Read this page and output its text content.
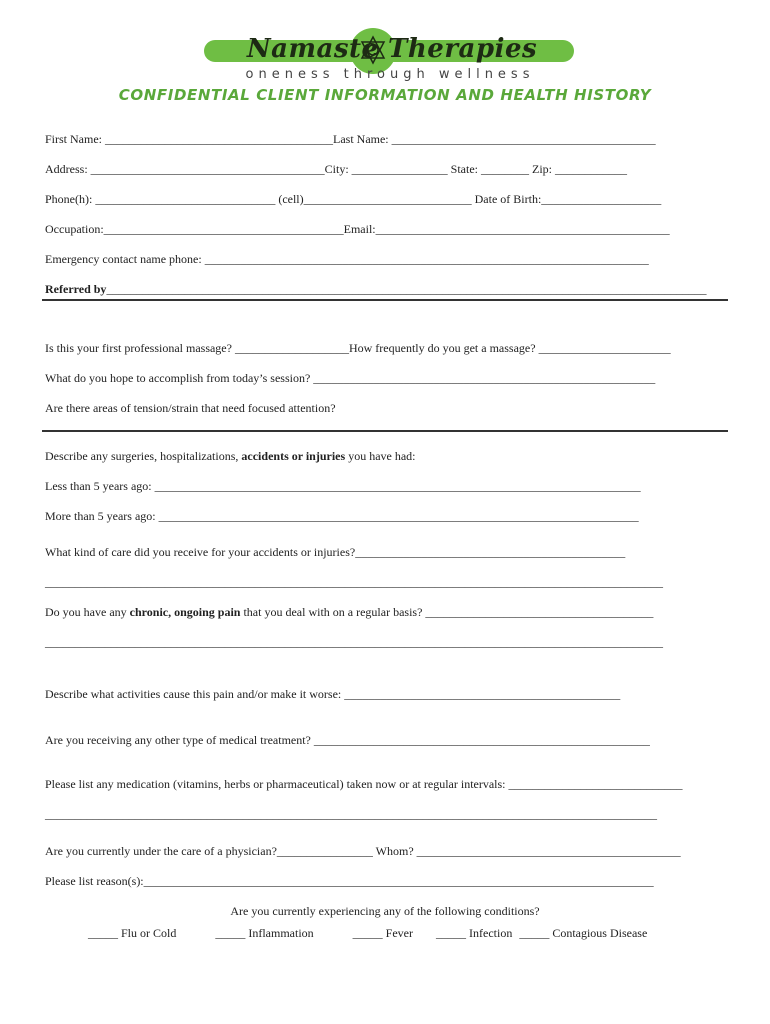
Namaste Therapies
oneness through wellness
CONFIDENTIAL CLIENT INFORMATION AND HEALTH HISTORY
First Name: ______________________________________Last Name: ____________________________________________
Address: _______________________________________City: ________________ State: ________ Zip: ____________
Phone(h): ______________________________ (cell)____________________________ Date of Birth:____________________
Occupation:________________________________________Email:_________________________________________________
Emergency contact name phone: __________________________________________________________________________
Referred by____________________________________________________________________________________________________
Is this your first professional massage? ___________________How frequently do you get a massage? ______________________
What do you hope to accomplish from today’s session? _________________________________________________________
Are there areas of tension/strain that need focused attention?
Describe any surgeries, hospitalizations, accidents or injuries you have had:
Less than 5 years ago: _________________________________________________________________________________
More than 5 years ago: ________________________________________________________________________________
What kind of care did you receive for your accidents or injuries?_____________________________________________
_______________________________________________________________________________________________________
Do you have any chronic, ongoing pain that you deal with on a regular basis? ______________________________________
_______________________________________________________________________________________________________
Describe what activities cause this pain and/or make it worse: ______________________________________________
Are you receiving any other type of medical treatment? ________________________________________________________
Please list any medication (vitamins, herbs or pharmaceutical) taken now or at regular intervals: _____________________________
______________________________________________________________________________________________________
Are you currently under the care of a physician?________________ Whom? ____________________________________________
Please list reason(s):_____________________________________________________________________________________
Are you currently experiencing any of the following conditions?
_____ Flu or Cold	_____ Inflammation	_____ Fever _____ Infection _____ Contagious Disease
